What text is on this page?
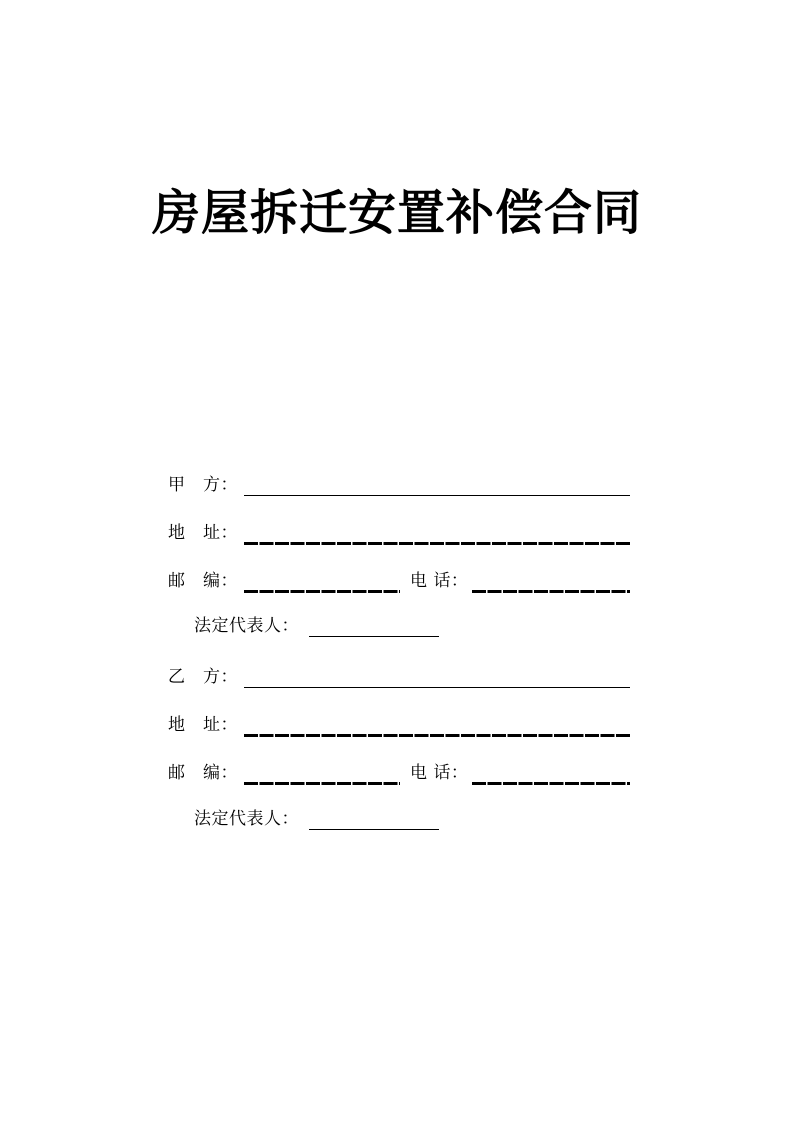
房屋拆迁安置补偿合同
甲　方：
地　址：
邮　编：	电 话：
法定代表人：
乙　方：
地　址：
邮　编：	电 话：
法定代表人：
